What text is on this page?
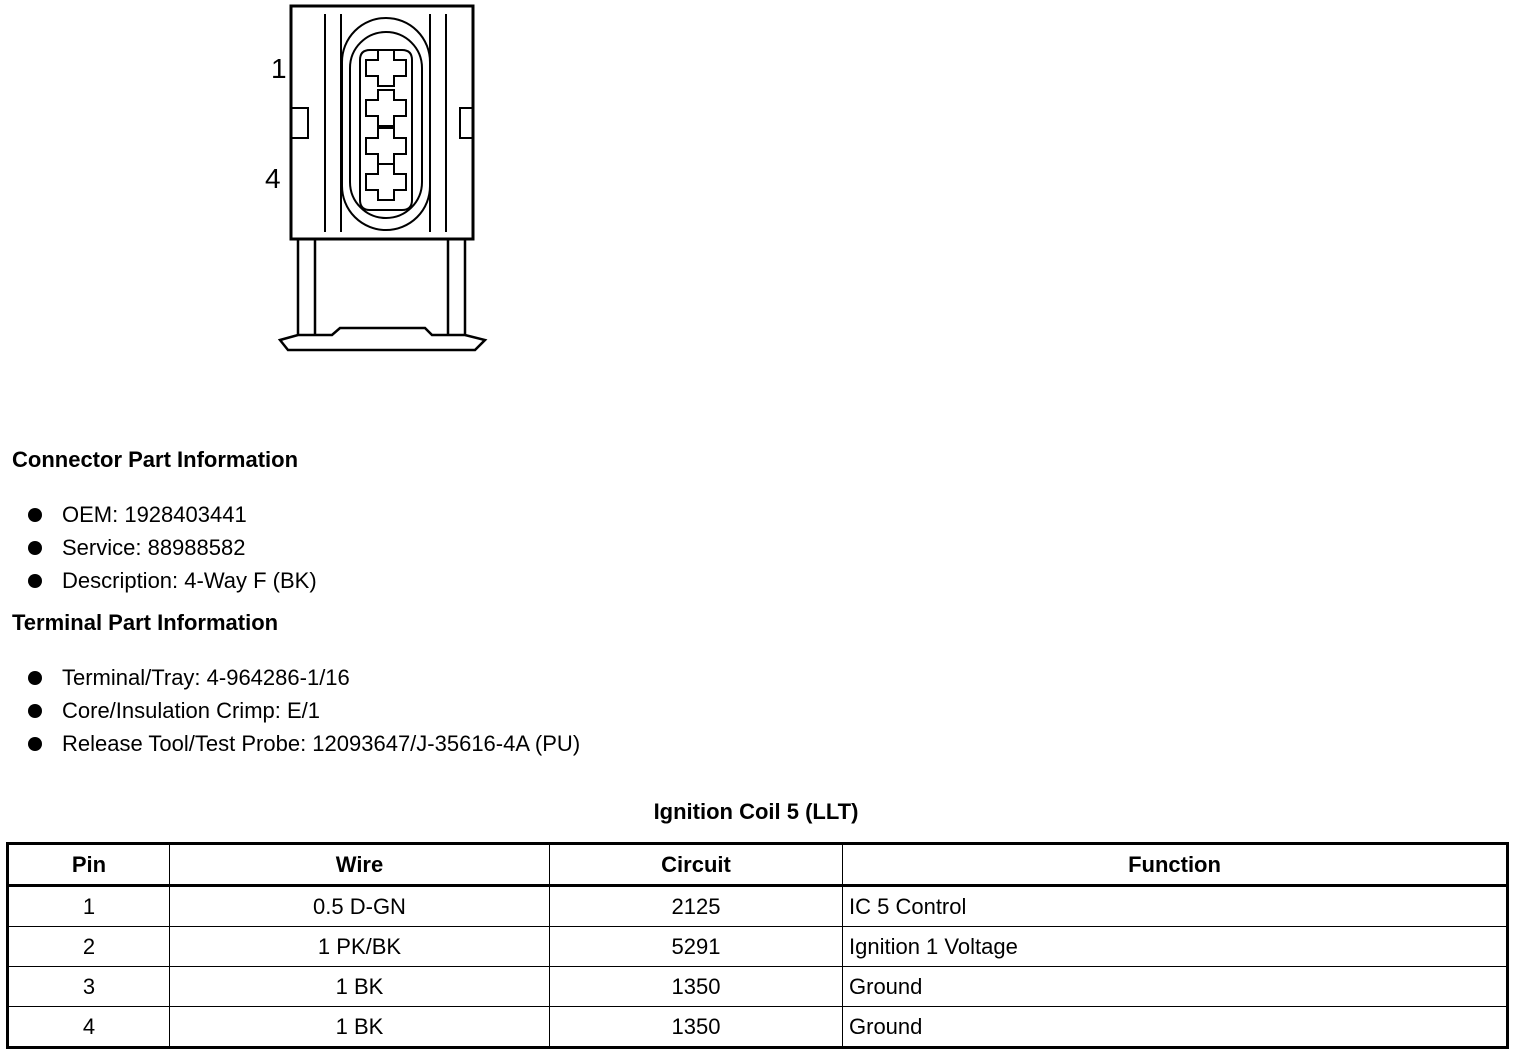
1
4
Connector Part Information
OEM: 1928403441
Service: 88988582
Description: 4-Way F (BK)
Terminal Part Information
Terminal/Tray: 4-964286-1/16
Core/Insulation Crimp: E/1
Release Tool/Test Probe: 12093647/J-35616-4A (PU)
Ignition Coil 5 (LLT)
Pin	Wire	Circuit	Function
1	0.5 D-GN	2125	IC 5 Control
2	1 PK/BK	5291	Ignition 1 Voltage
3	1 BK	1350	Ground
4	1 BK	1350	Ground
